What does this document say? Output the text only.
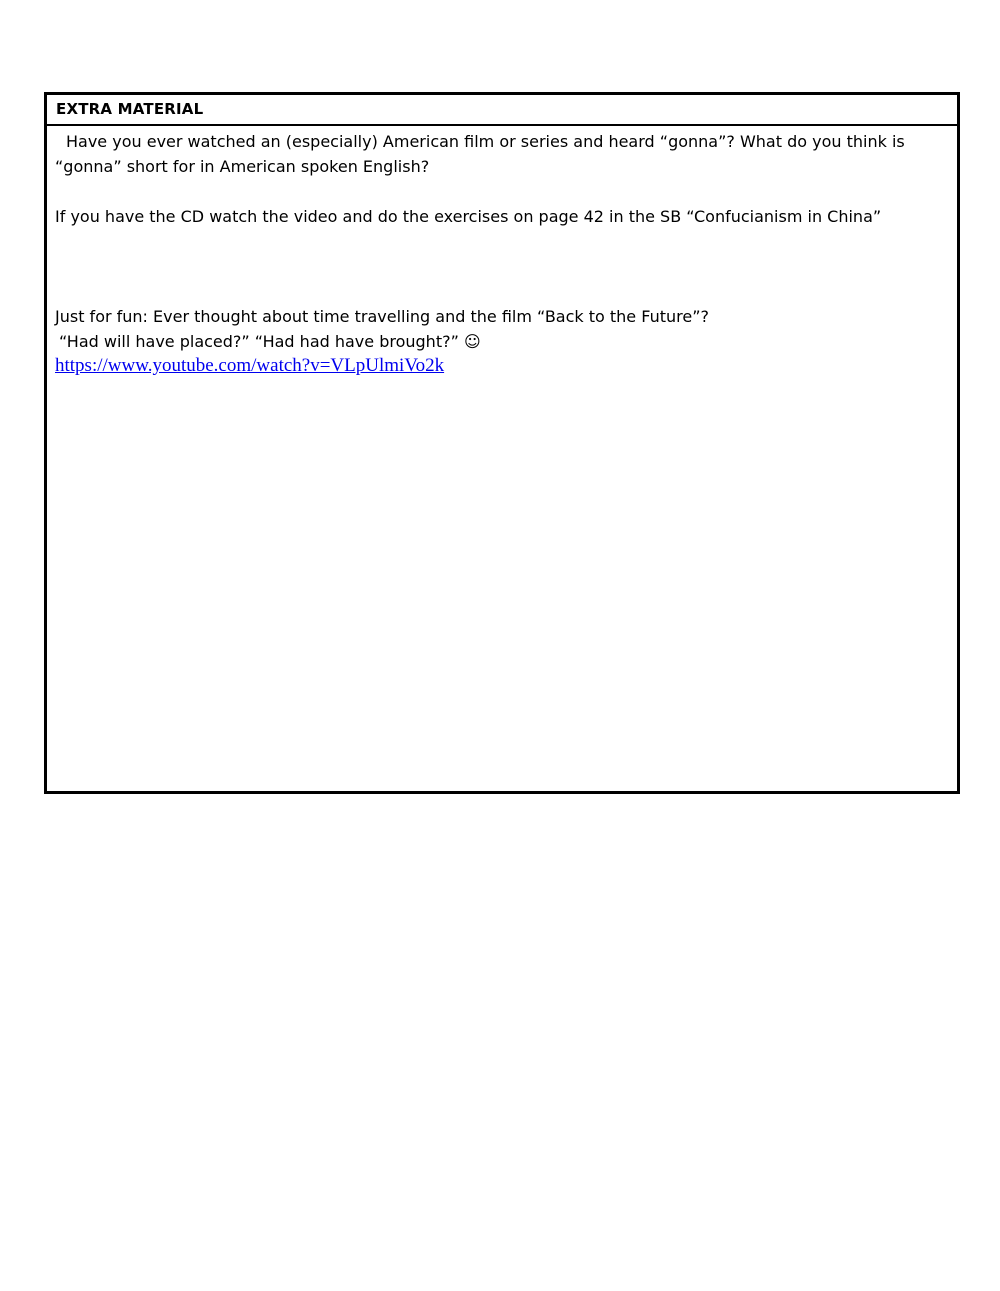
EXTRA MATERIAL

Have you ever watched an (especially) American film or series and heard “gonna”? What do you think is “gonna” short for in American spoken English?

If you have the CD watch the video and do the exercises on page 42 in the SB “Confucianism in China”

Just for fun: Ever thought about time travelling and the film “Back to the Future”?
“Had will have placed?” “Had had have brought?” ☺
https://www.youtube.com/watch?v=VLpUlmiVo2k
